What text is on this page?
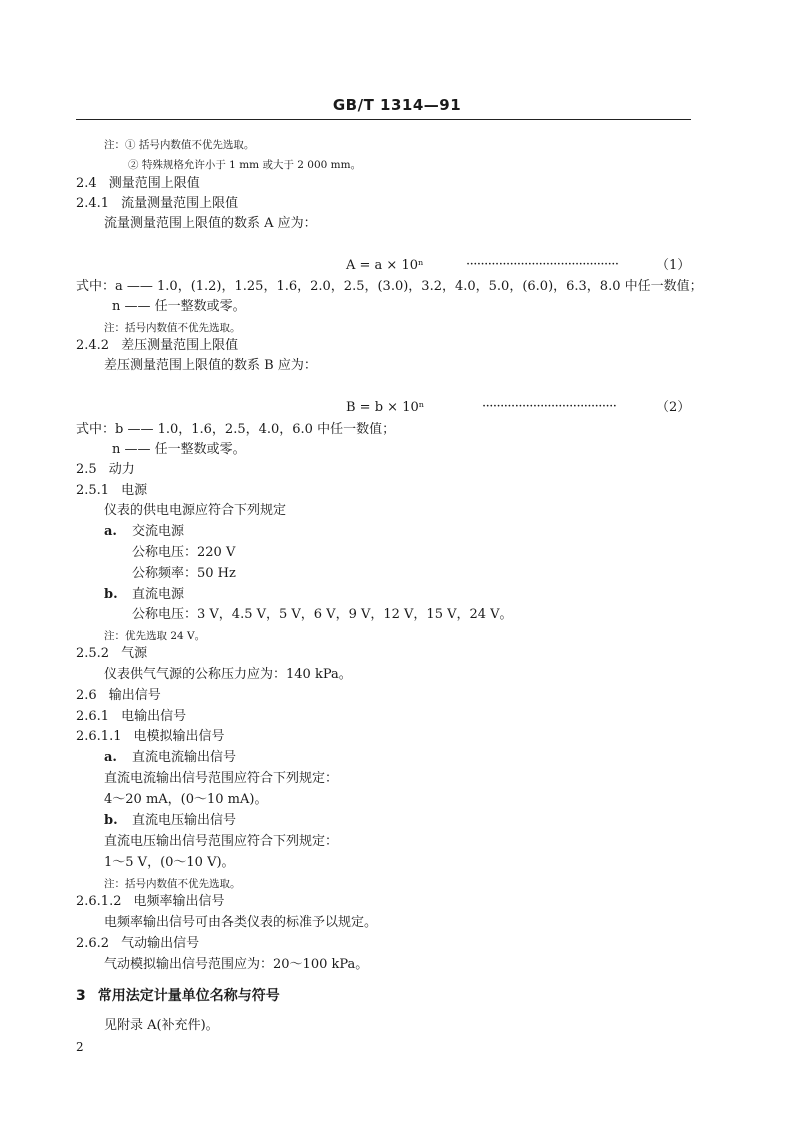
GB/T 1314—91
注：① 括号内数值不优先选取。
② 特殊规格允许小于 1 mm 或大于 2 000 mm。
2.4 测量范围上限值
2.4.1 流量测量范围上限值
流量测量范围上限值的数系 A 应为：
A = a × 10ⁿ	··········································	（1）
式中：a —— 1.0，(1.2)，1.25，1.6，2.0，2.5，(3.0)，3.2，4.0，5.0，(6.0)，6.3，8.0 中任一数值；
n —— 任一整数或零。
注：括号内数值不优先选取。
2.4.2 差压测量范围上限值
差压测量范围上限值的数系 B 应为：
B = b × 10ⁿ	·····································	（2）
式中：b —— 1.0，1.6，2.5，4.0，6.0 中任一数值；
n —— 任一整数或零。
2.5 动力
2.5.1 电源
仪表的供电电源应符合下列规定
a. 交流电源
公称电压：220 V
公称频率：50 Hz
b. 直流电源
公称电压：3 V，4.5 V，5 V，6 V，9 V，12 V，15 V，24 V。
注：优先选取 24 V。
2.5.2 气源
仪表供气气源的公称压力应为：140 kPa。
2.6 输出信号
2.6.1 电输出信号
2.6.1.1 电模拟输出信号
a. 直流电流输出信号
直流电流输出信号范围应符合下列规定：
4～20 mA，(0～10 mA)。
b. 直流电压输出信号
直流电压输出信号范围应符合下列规定：
1～5 V，(0～10 V)。
注：括号内数值不优先选取。
2.6.1.2 电频率输出信号
电频率输出信号可由各类仪表的标准予以规定。
2.6.2 气动输出信号
气动模拟输出信号范围应为：20～100 kPa。
3 常用法定计量单位名称与符号
见附录 A(补充件)。
2
